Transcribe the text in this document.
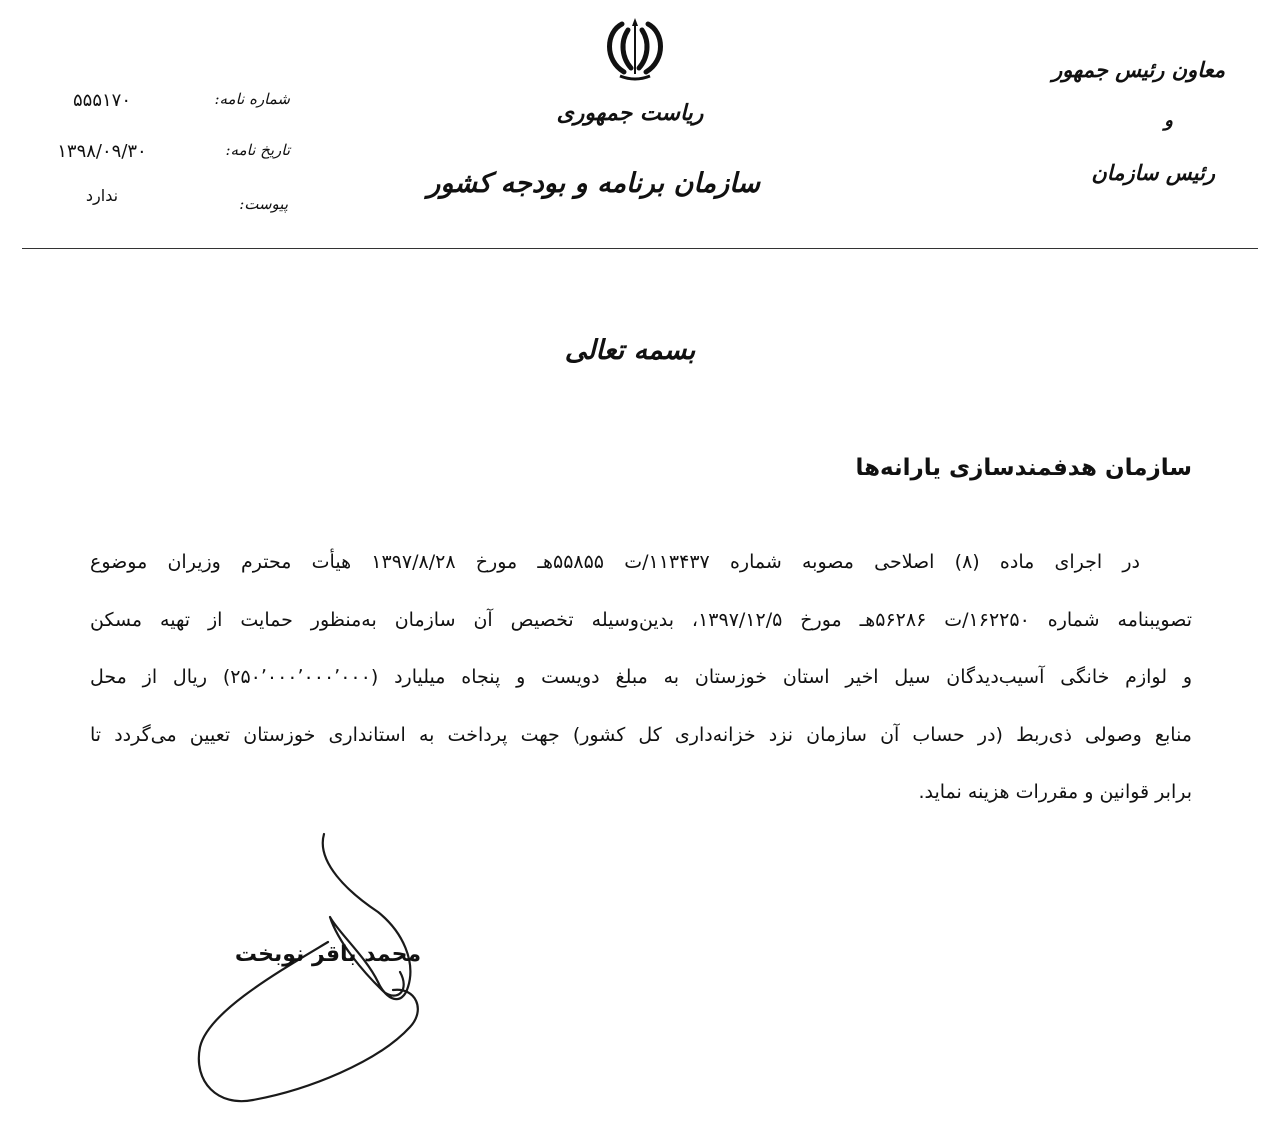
معاون رئیس جمهور
و
رئیس سازمان
ریاست جمهوری
سازمان برنامه و بودجه کشور
شماره نامه:
۵۵۵۱۷۰
تاریخ نامه:
۱۳۹۸/۰۹/۳۰
پیوست:
ندارد
بسمه تعالی
سازمان هدفمندسازی یارانه‌ها
در اجرای ماده (۸) اصلاحی مصوبه شماره ۱۱۳۴۳۷/ت ۵۵۸۵۵هـ مورخ ۱۳۹۷/۸/۲۸ هیأت محترم وزیران موضوع
تصویبنامه شماره ۱۶۲۲۵۰/ت ۵۶۲۸۶هـ مورخ ۱۳۹۷/۱۲/۵، بدین‌وسیله تخصیص آن سازمان به‌منظور حمایت از تهیه مسکن
و لوازم خانگی آسیب‌دیدگان سیل اخیر استان خوزستان به مبلغ دویست و پنجاه میلیارد (۲۵۰٬۰۰۰٬۰۰۰٬۰۰۰) ریال از محل
منابع وصولی ذی‌ربط (در حساب آن سازمان نزد خزانه‌داری کل کشور) جهت پرداخت به استانداری خوزستان تعیین می‌گردد تا
برابر قوانین و مقررات هزینه نماید.
محمد باقر نوبخت
